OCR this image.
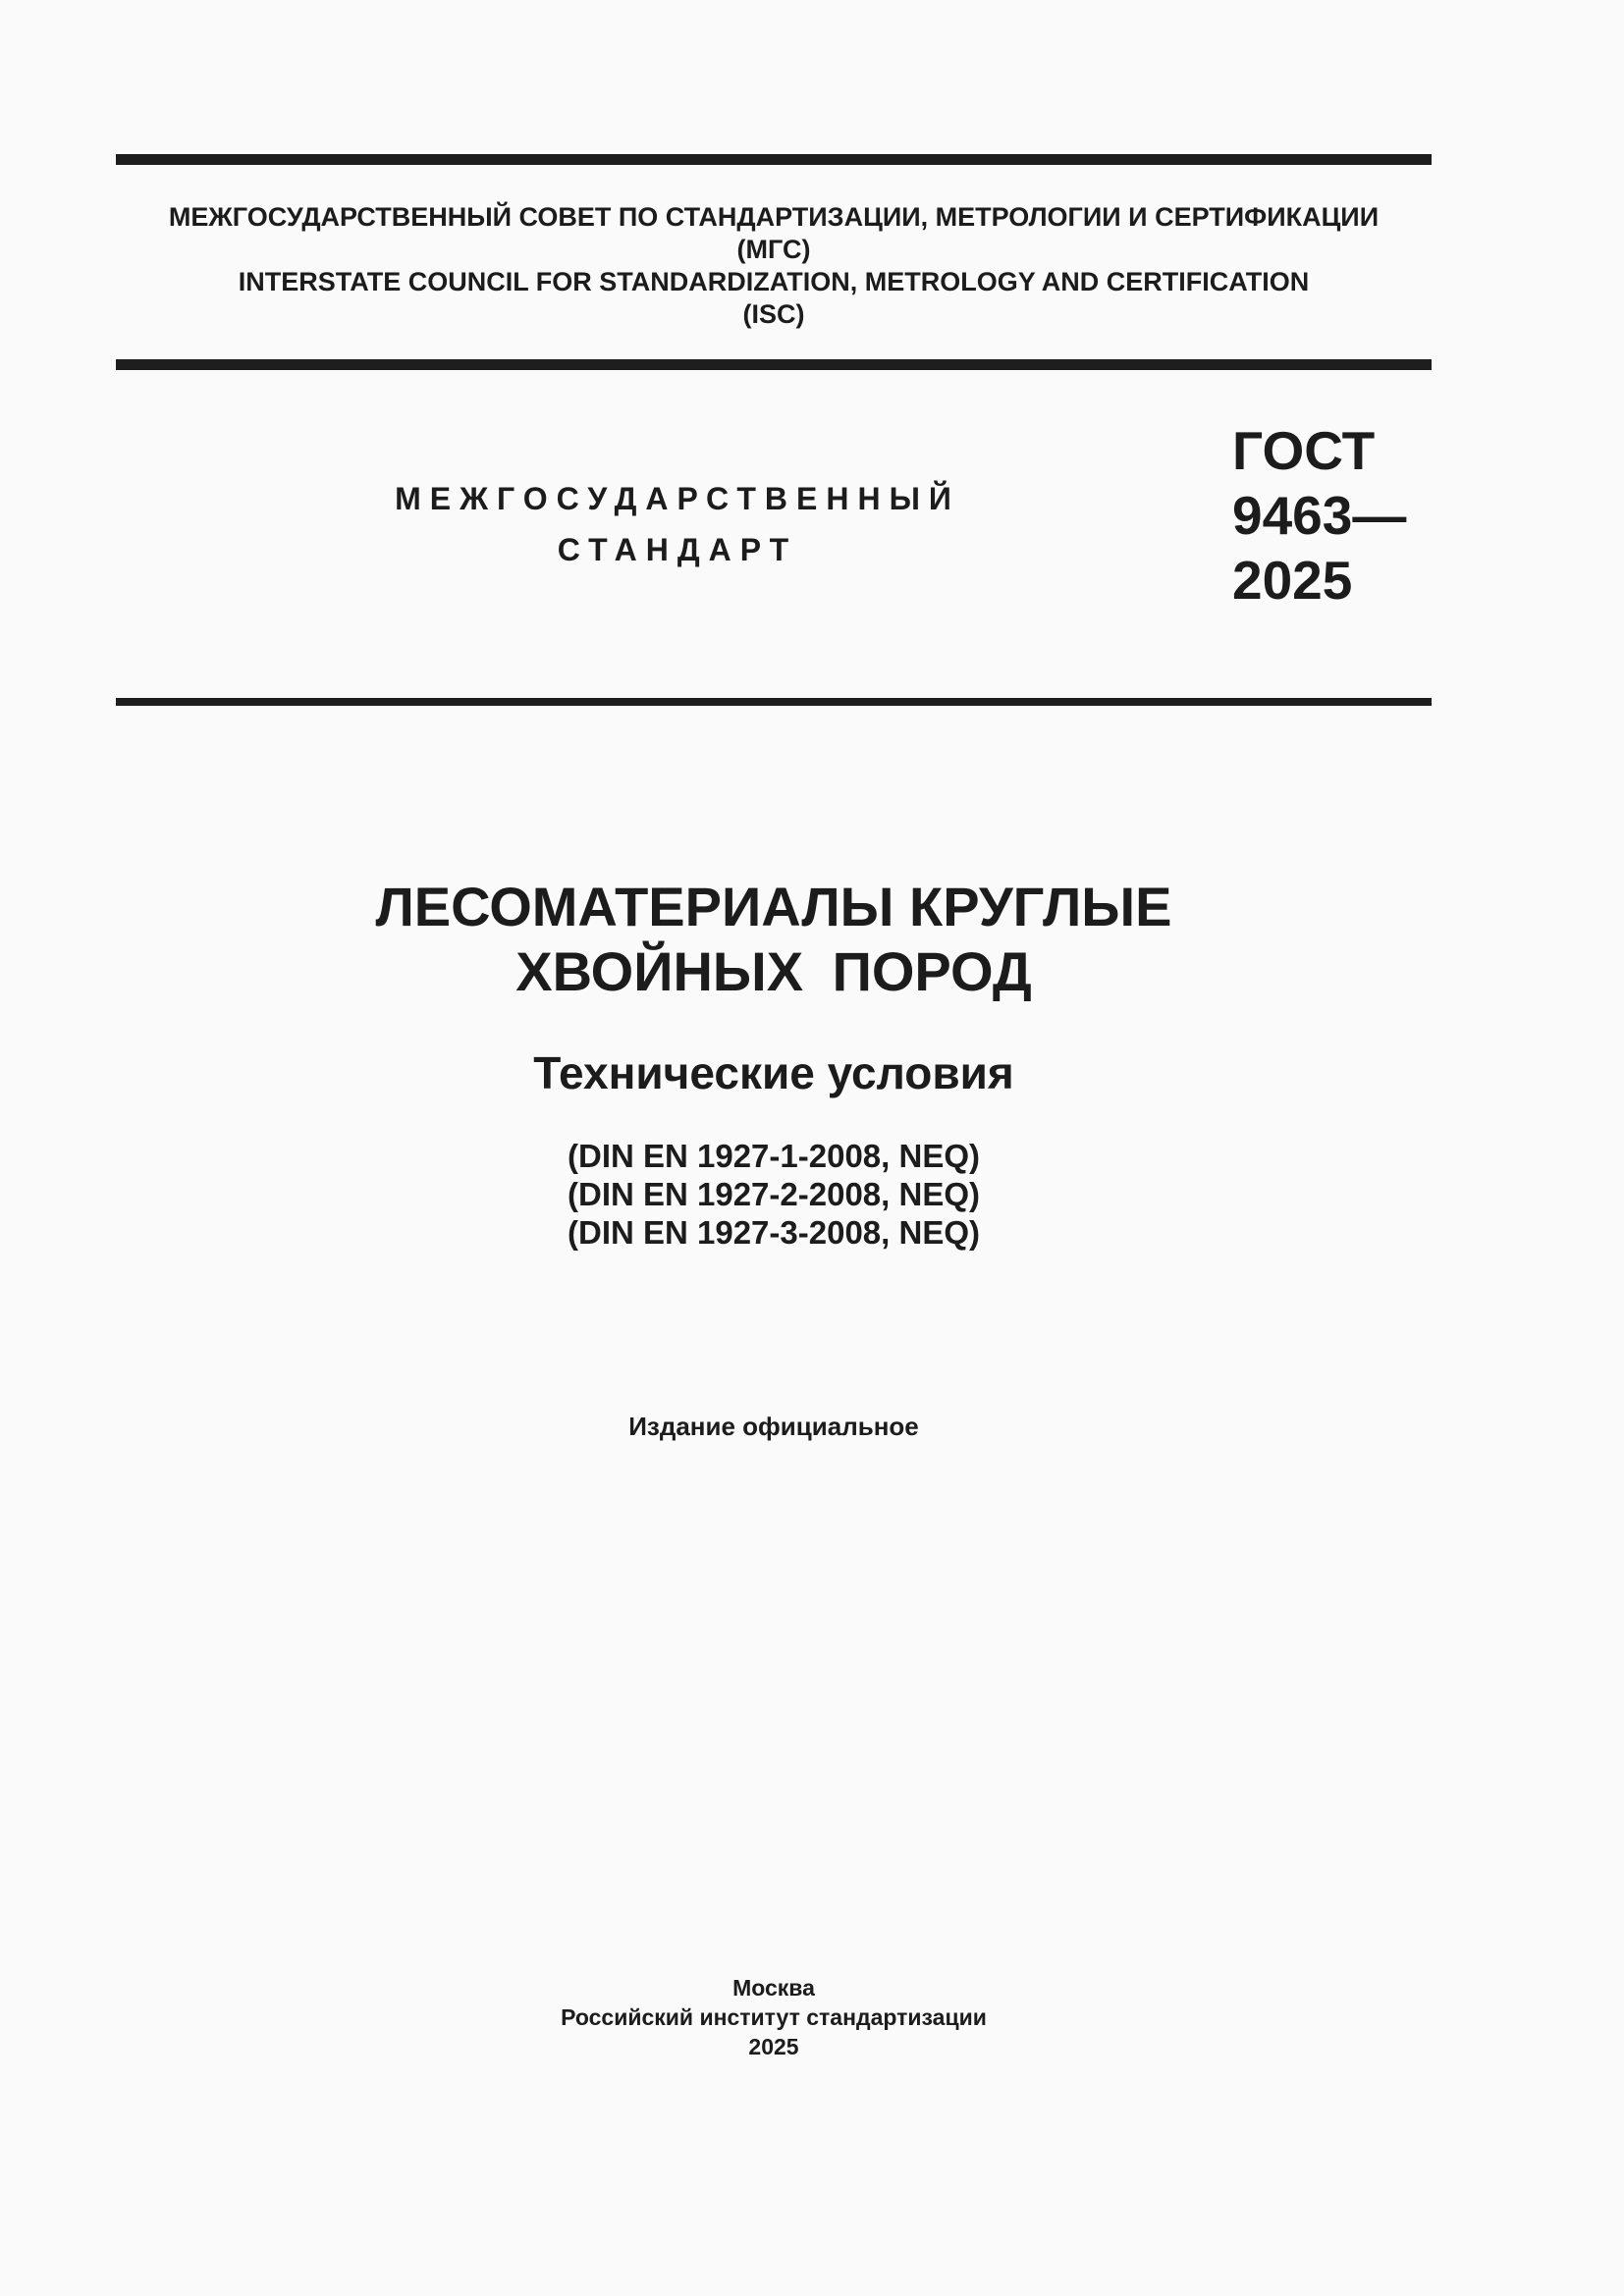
МЕЖГОСУДАРСТВЕННЫЙ СОВЕТ ПО СТАНДАРТИЗАЦИИ, МЕТРОЛОГИИ И СЕРТИФИКАЦИИ
(МГС)
INTERSTATE COUNCIL FOR STANDARDIZATION, METROLOGY AND CERTIFICATION
(ISC)
МЕЖГОСУДАРСТВЕННЫЙ
СТАНДАРТ
ГОСТ
9463—
2025
ЛЕСОМАТЕРИАЛЫ КРУГЛЫЕ
ХВОЙНЫХ ПОРОД
Технические условия
(DIN EN 1927-1-2008, NEQ)
(DIN EN 1927-2-2008, NEQ)
(DIN EN 1927-3-2008, NEQ)
Издание официальное
Москва
Российский институт стандартизации
2025
